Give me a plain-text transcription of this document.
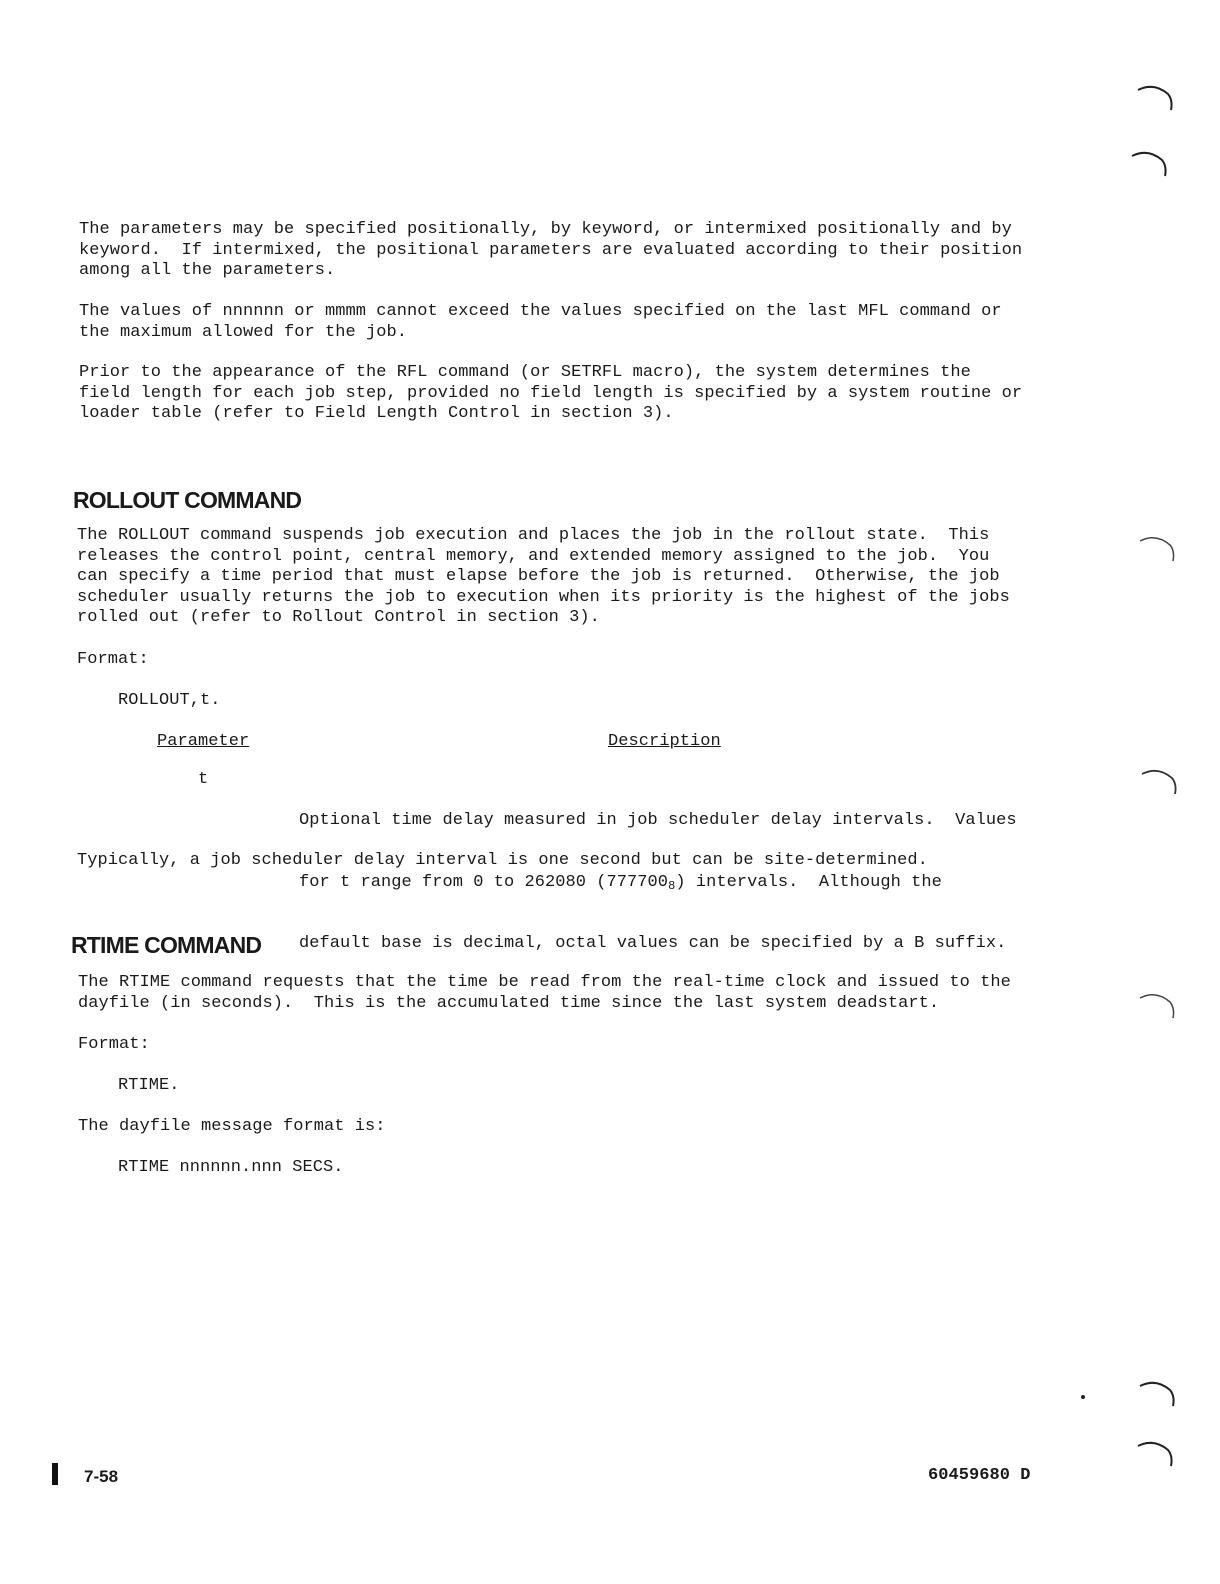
The parameters may be specified positionally, by keyword, or intermixed positionally and by
keyword.  If intermixed, the positional parameters are evaluated according to their position
among all the parameters.
The values of nnnnnn or mmmm cannot exceed the values specified on the last MFL command or
the maximum allowed for the job.
Prior to the appearance of the RFL command (or SETRFL macro), the system determines the
field length for each job step, provided no field length is specified by a system routine or
loader table (refer to Field Length Control in section 3).
ROLLOUT COMMAND
The ROLLOUT command suspends job execution and places the job in the rollout state.  This
releases the control point, central memory, and extended memory assigned to the job.  You
can specify a time period that must elapse before the job is returned.  Otherwise, the job
scheduler usually returns the job to execution when its priority is the highest of the jobs
rolled out (refer to Rollout Control in section 3).
Format:
ROLLOUT,t.
Parameter	Description
t

Optional time delay measured in job scheduler delay intervals.  Values

for t range from 0 to 262080 $(777700_8)$ intervals.  Although the

default base is decimal, octal values can be specified by a B suffix.

Typically, a job scheduler delay interval is one second but can be site-determined.
RTIME COMMAND
The RTIME command requests that the time be read from the real-time clock and issued to the
dayfile (in seconds).  This is the accumulated time since the last system deadstart.
Format:
RTIME.
The dayfile message format is:
RTIME nnnnnn.nnn SECS.
7-58	60459680 D
